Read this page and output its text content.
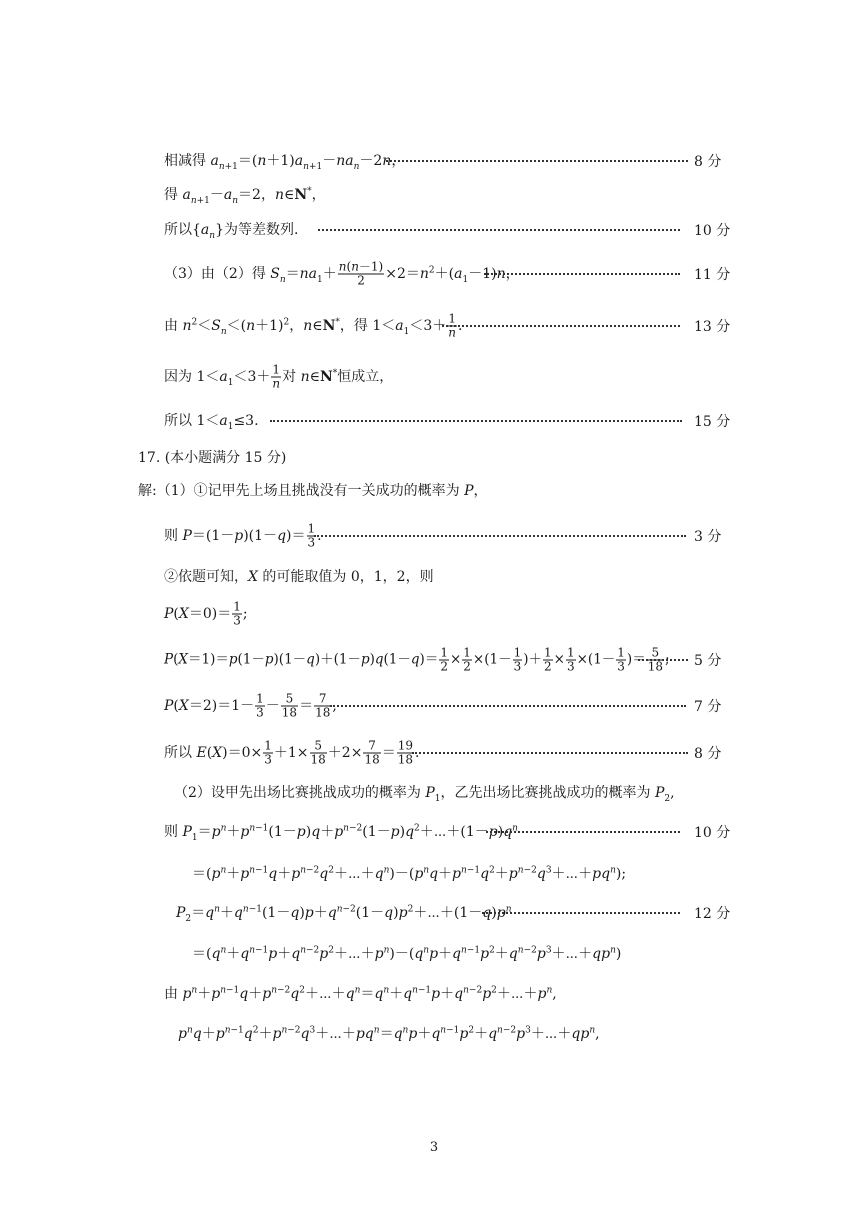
相减得 $a_{n+1}=(n+1)a_{n+1}-na_n-2n$，	8 分
得 $a_{n+1}-a_n=2$，n∈N*，
所以$\{a_n\}$为等差数列.	10 分
（3）由（2）得 $S_n=na_1+ \frac{n(n-1)}{2} \times 2=n^2+(a_1-1)n$，	11 分
由 $n^2<S_n<(n+1)^2$，n∈N*，得 $1<a_1<3+ \frac{1}{n}$ .	13 分
因为 $1<a_1<3+ \frac{1}{n}$ 对 n∈N*恒成立，
所以 $1<a_1\le 3$.	15 分
17. (本小题满分 15 分)
解:（1）①记甲先上场且挑战没有一关成功的概率为 P，
则 $P=(1-p)(1-q)= \frac{1}{3}$ .	3 分
②依题可知，X 的可能取值为 0，1，2，则
$P(X=0)= \frac{1}{3}$ ;
$P(X=1)=p(1-p)(1-q)+(1-p)q(1-q)= \frac{1}{2} \times \frac{1}{2} \times(1- \frac{1}{3}$ )＋ $\frac{1}{2} \times \frac{1}{3} \times(1- \frac{1}{3}$ )＝ $\frac{5}{18}$ ; 5 分
$P(X=2)=1- \frac{1}{3} - \frac{5}{18} = \frac{7}{18}$ ,	7 分
所以 $E(X)=0\times \frac{1}{3} +1\times \frac{5}{18} +2\times \frac{7}{18} = \frac{19}{18}$ .	8 分
（2）设甲先出场比赛挑战成功的概率为 $P_1$，乙先出场比赛挑战成功的概率为 $P_2$,
则 $P_1=p^n+p^{n-1}(1-p)q+p^{n-2}(1-p)q^2+\cdots+(1-p)q^n$	10 分
$=(p^n+p^{n-1}q+p^{n-2}q^2+\cdots+q^n)-(p^nq+p^{n-1}q^2+p^{n-2}q^3+\cdots+pq^n)$;
$P_2=q^n+q^{n-1}(1-q)p+q^{n-2}(1-q)p^2+\cdots+(1-q)p^n$	12 分
$=(q^n+q^{n-1}p+q^{n-2}p^2+\cdots+p^n)-(q^np+q^{n-1}p^2+q^{n-2}p^3+\cdots+qp^n)$
由 $p^n+p^{n-1}q+p^{n-2}q^2+\cdots+q^n=q^n+q^{n-1}p+q^{n-2}p^2+\cdots+p^n$,
$p^nq+p^{n-1}q^2+p^{n-2}q^3+\cdots+pq^n=q^np+q^{n-1}p^2+q^{n-2}p^3+\cdots+qp^n$,
3
